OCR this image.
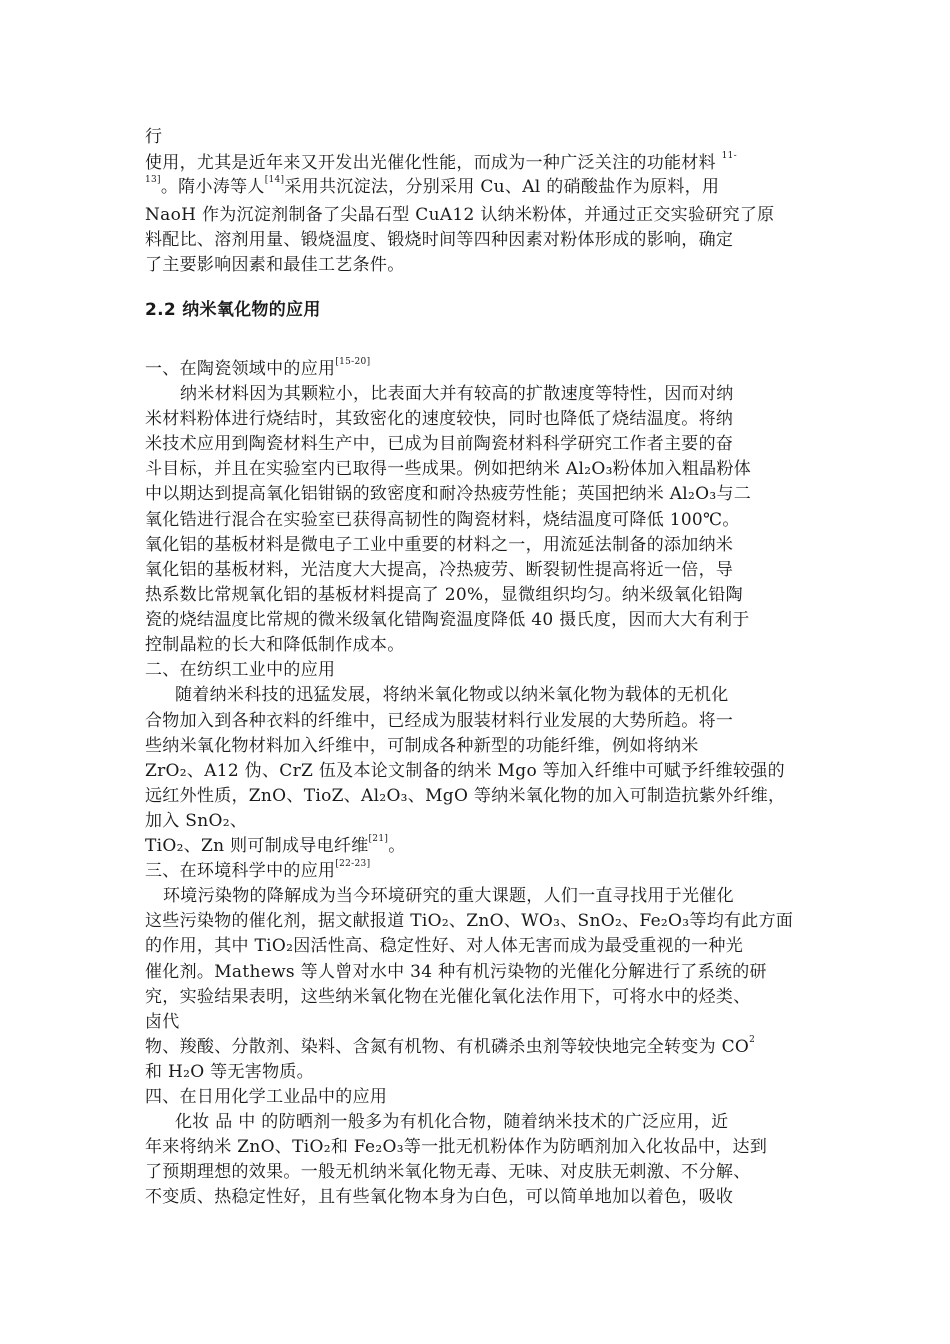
行
使用，尤其是近年来又开发出光催化性能，而成为一种广泛关注的功能材料 $^{11-}$
$^{13]}$。隋小涛等人[14]采用共沉淀法，分别采用 Cu、Al 的硝酸盐作为原料，用
NaoH 作为沉淀剂制备了尖晶石型 CuA12 认纳米粉体，并通过正交实验研究了原
料配比、溶剂用量、锻烧温度、锻烧时间等四种因素对粉体形成的影响，确定
了主要影响因素和最佳工艺条件。
2.2 纳米氧化物的应用
一、在陶瓷领域中的应用[15-20]
纳米材料因为其颗粒小，比表面大并有较高的扩散速度等特性，因而对纳
米材料粉体进行烧结时，其致密化的速度较快，同时也降低了烧结温度。将纳
米技术应用到陶瓷材料生产中，已成为目前陶瓷材料科学研究工作者主要的奋
斗目标，并且在实验室内已取得一些成果。例如把纳米 Al₂O₃粉体加入粗晶粉体
中以期达到提高氧化铝钳锅的致密度和耐冷热疲劳性能；英国把纳米 Al₂O₃与二
氧化锆进行混合在实验室已获得高韧性的陶瓷材料，烧结温度可降低 100℃。
氧化铝的基板材料是微电子工业中重要的材料之一，用流延法制备的添加纳米
氧化铝的基板材料，光洁度大大提高，冷热疲劳、断裂韧性提高将近一倍，导
热系数比常规氧化铝的基板材料提高了 20%，显微组织均匀。纳米级氧化铅陶
瓷的烧结温度比常规的微米级氧化错陶瓷温度降低 40 摄氏度，因而大大有利于
控制晶粒的长大和降低制作成本。
二、在纺织工业中的应用
随着纳米科技的迅猛发展，将纳米氧化物或以纳米氧化物为载体的无机化
合物加入到各种衣料的纤维中，已经成为服装材料行业发展的大势所趋。将一
些纳米氧化物材料加入纤维中，可制成各种新型的功能纤维，例如将纳米
ZrO₂、A12 伪、CrZ 伍及本论文制备的纳米 Mgo 等加入纤维中可赋予纤维较强的
远红外性质，ZnO、TioZ、Al₂O₃、MgO 等纳米氧化物的加入可制造抗紫外纤维，
加入 SnO₂、
TiO₂、Zn 则可制成导电纤维[21]。
三、在环境科学中的应用[22-23]
环境污染物的降解成为当今环境研究的重大课题，人们一直寻找用于光催化
这些污染物的催化剂，据文献报道 TiO₂、ZnO、WO₃、SnO₂、Fe₂O₃等均有此方面
的作用，其中 TiO₂因活性高、稳定性好、对人体无害而成为最受重视的一种光
催化剂。Mathews 等人曾对水中 34 种有机污染物的光催化分解进行了系统的研
究，实验结果表明，这些纳米氧化物在光催化氧化法作用下，可将水中的烃类、
卤代
物、羧酸、分散剂、染料、含氮有机物、有机磷杀虫剂等较快地完全转变为 $CO^2$
和 H₂O 等无害物质。
四、在日用化学工业品中的应用
化妆 品 中 的防晒剂一般多为有机化合物，随着纳米技术的广泛应用，近
年来将纳米 ZnO、TiO₂和 Fe₂O₃等一批无机粉体作为防晒剂加入化妆品中，达到
了预期理想的效果。一般无机纳米氧化物无毒、无味、对皮肤无刺激、不分解、
不变质、热稳定性好，且有些氧化物本身为白色，可以简单地加以着色，吸收
